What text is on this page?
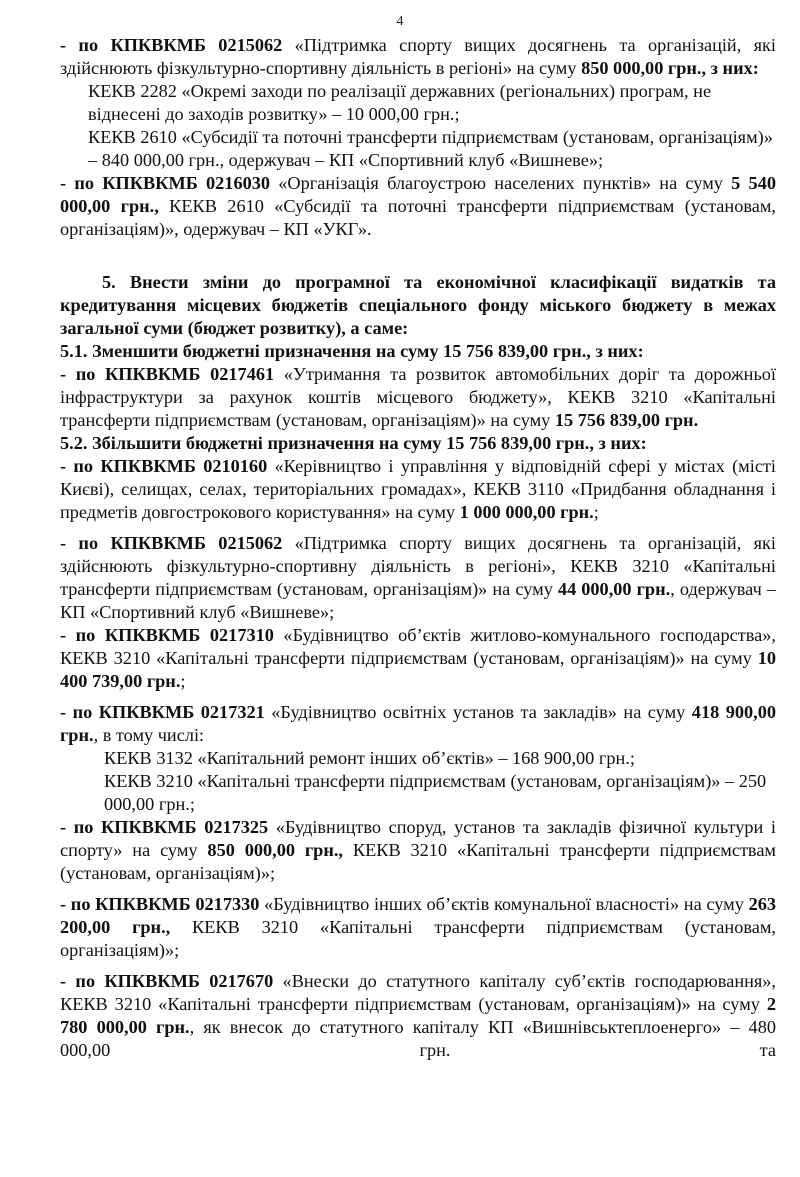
4

- по КПКВКМБ 0215062 «Підтримка спорту вищих досягнень та організацій, які здійснюють фізкультурно-спортивну діяльність в регіоні» на суму 850 000,00 грн., з них:

КЕКВ 2282 «Окремі заходи по реалізації державних (регіональних) програм, не віднесені до заходів розвитку» – 10 000,00 грн.;

КЕКВ 2610 «Субсидії та поточні трансферти підприємствам (установам, організаціям)» – 840 000,00 грн., одержувач – КП «Спортивний клуб «Вишневе»;

- по КПКВКМБ 0216030 «Організація благоустрою населених пунктів» на суму 5 540 000,00 грн., КЕКВ 2610 «Субсидії та поточні трансферти підприємствам (установам, організаціям)», одержувач – КП «УКГ».

5. Внести зміни до програмної та економічної класифікації видатків та кредитування місцевих бюджетів спеціального фонду міського бюджету в межах загальної суми (бюджет розвитку), а саме:

5.1. Зменшити бюджетні призначення на суму 15 756 839,00 грн., з них:

- по КПКВКМБ 0217461 «Утримання та розвиток автомобільних доріг та дорожньої інфраструктури за рахунок коштів місцевого бюджету», КЕКВ 3210 «Капітальні трансферти підприємствам (установам, організаціям)» на суму 15 756 839,00 грн.

5.2. Збільшити бюджетні призначення на суму 15 756 839,00 грн., з них:

- по КПКВКМБ 0210160 «Керівництво і управління у відповідній сфері у містах (місті Києві), селищах, селах, територіальних громадах», КЕКВ 3110 «Придбання обладнання і предметів довгострокового користування» на суму 1 000 000,00 грн.;

- по КПКВКМБ 0215062 «Підтримка спорту вищих досягнень та організацій, які здійснюють фізкультурно-спортивну діяльність в регіоні», КЕКВ 3210 «Капітальні трансферти підприємствам (установам, організаціям)» на суму 44 000,00 грн., одержувач – КП «Спортивний клуб «Вишневе»;

- по КПКВКМБ 0217310 «Будівництво об’єктів житлово-комунального господарства», КЕКВ 3210 «Капітальні трансферти підприємствам (установам, організаціям)» на суму 10 400 739,00 грн.;

- по КПКВКМБ 0217321 «Будівництво освітніх установ та закладів» на суму 418 900,00 грн., в тому числі:

КЕКВ 3132 «Капітальний ремонт інших об’єктів» – 168 900,00 грн.;

КЕКВ 3210 «Капітальні трансферти підприємствам (установам, організаціям)» – 250 000,00 грн.;

- по КПКВКМБ 0217325 «Будівництво споруд, установ та закладів фізичної культури і спорту» на суму 850 000,00 грн., КЕКВ 3210 «Капітальні трансферти підприємствам (установам, організаціям)»;

- по КПКВКМБ 0217330 «Будівництво інших об’єктів комунальної власності» на суму 263 200,00 грн., КЕКВ 3210 «Капітальні трансферти підприємствам (установам, організаціям)»;

- по КПКВКМБ 0217670 «Внески до статутного капіталу суб’єктів господарювання», КЕКВ 3210 «Капітальні трансферти підприємствам (установам, організаціям)» на суму 2 780 000,00 грн., як внесок до статутного капіталу КП «Вишнівськтеплоенерго» – 480 000,00 грн. та
